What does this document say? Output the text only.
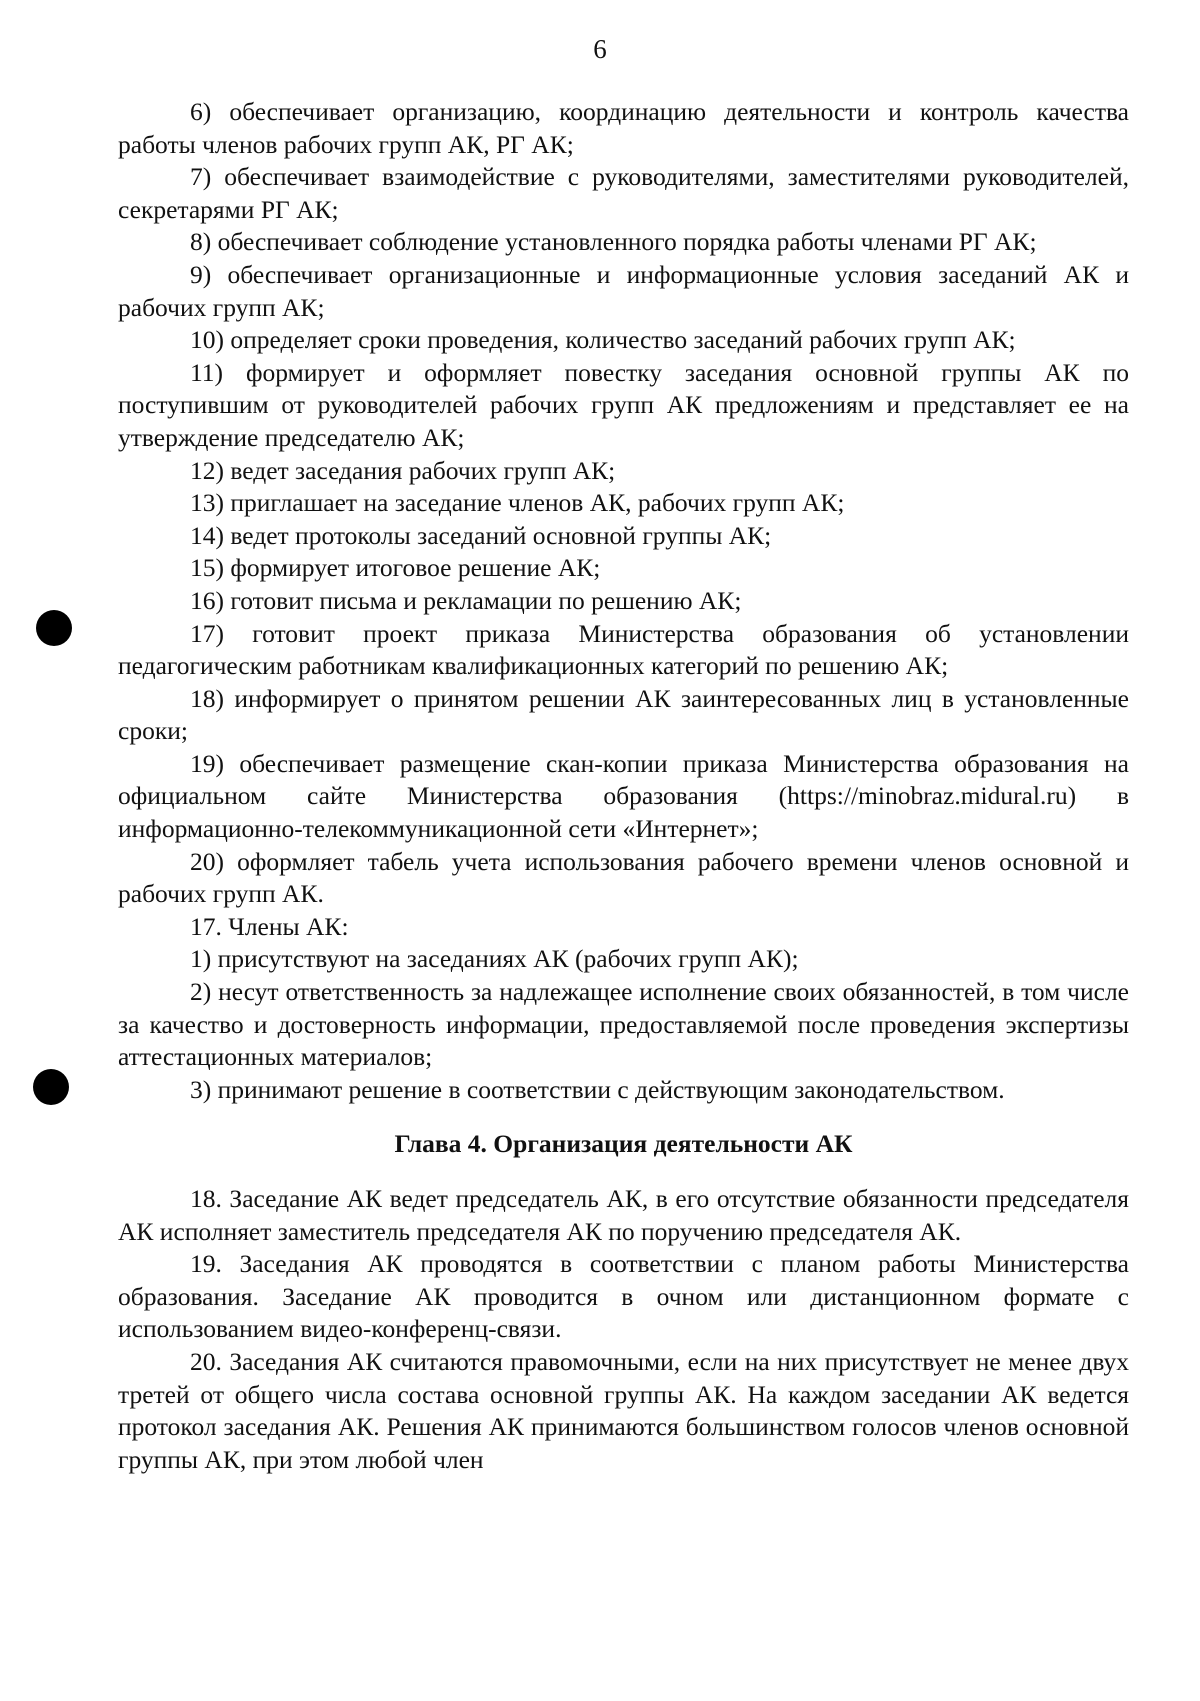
6

6) обеспечивает организацию, координацию деятельности и контроль качества работы членов рабочих групп АК, РГ АК;

7) обеспечивает взаимодействие с руководителями, заместителями руководителей, секретарями РГ АК;

8) обеспечивает соблюдение установленного порядка работы членами РГ АК;

9) обеспечивает организационные и информационные условия заседаний АК и рабочих групп АК;

10) определяет сроки проведения, количество заседаний рабочих групп АК;

11) формирует и оформляет повестку заседания основной группы АК по поступившим от руководителей рабочих групп АК предложениям и представляет ее на утверждение председателю АК;

12) ведет заседания рабочих групп АК;

13) приглашает на заседание членов АК, рабочих групп АК;

14) ведет протоколы заседаний основной группы АК;

15) формирует итоговое решение АК;

16) готовит письма и рекламации по решению АК;

17) готовит проект приказа Министерства образования об установлении педагогическим работникам квалификационных категорий по решению АК;

18) информирует о принятом решении АК заинтересованных лиц в установленные сроки;

19) обеспечивает размещение скан-копии приказа Министерства образования на официальном сайте Министерства образования (https://minobraz.midural.ru) в информационно-телекоммуникационной сети «Интернет»;

20) оформляет табель учета использования рабочего времени членов основной и рабочих групп АК.

17. Члены АК:

1) присутствуют на заседаниях АК (рабочих групп АК);

2) несут ответственность за надлежащее исполнение своих обязанностей, в том числе за качество и достоверность информации, предоставляемой после проведения экспертизы аттестационных материалов;

3) принимают решение в соответствии с действующим законодательством.

Глава 4. Организация деятельности АК

18. Заседание АК ведет председатель АК, в его отсутствие обязанности председателя АК исполняет заместитель председателя АК по поручению председателя АК.

19. Заседания АК проводятся в соответствии с планом работы Министерства образования. Заседание АК проводится в очном или дистанционном формате с использованием видео-конференц-связи.

20. Заседания АК считаются правомочными, если на них присутствует не менее двух третей от общего числа состава основной группы АК. На каждом заседании АК ведется протокол заседания АК. Решения АК принимаются большинством голосов членов основной группы АК, при этом любой член
